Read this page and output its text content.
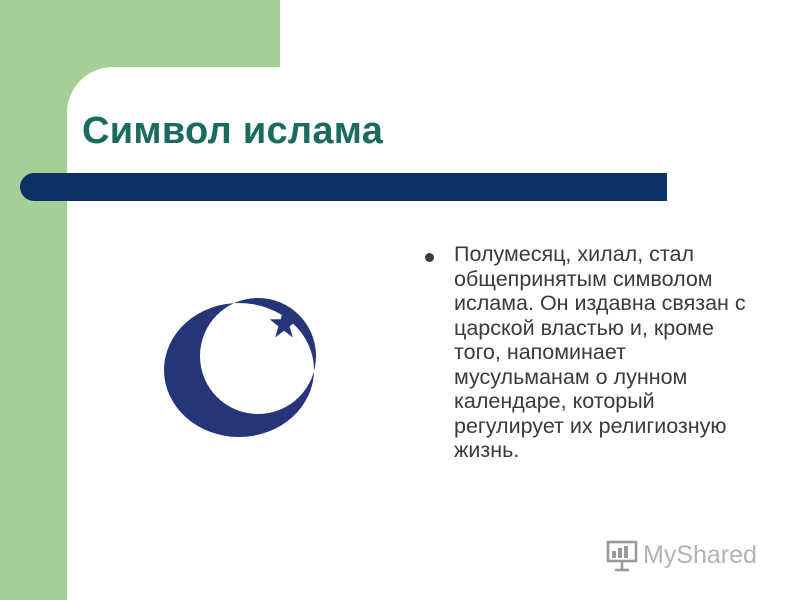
Символ ислама
Полумесяц, хилал, стал общепринятым символом ислама. Он издавна связан с царской властью и, кроме того, напоминает мусульманам о лунном календаре, который регулирует их религиозную жизнь.
MyShared
